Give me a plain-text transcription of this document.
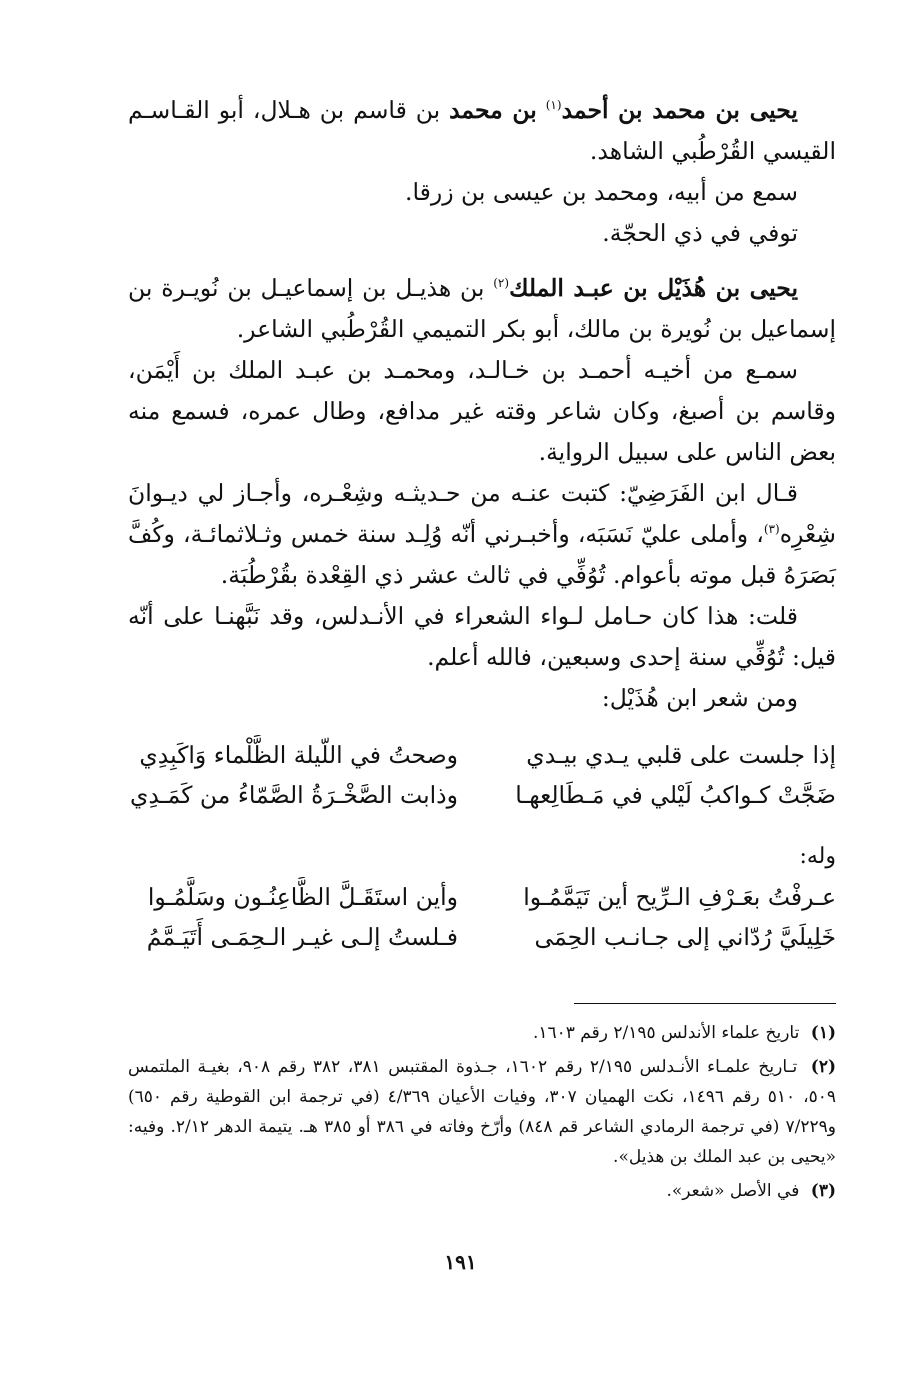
يحيى بن محمد بن أحمد$^{(١)}$ بن محمد بن قاسم بن هـلال، أبو القـاسـم القيسي القُرْطُبي الشاهد.

سمع من أبيه، ومحمد بن عيسى بن زرقا.

توفي في ذي الحجّة.

يحيى بن هُذَيْل بن عبـد الملك$^{(٢)}$ بن هذيـل بن إسماعيـل بن نُويـرة بن إسماعيل بن نُويرة بن مالك، أبو بكر التميمي القُرْطُبي الشاعر.

سمـع من أخيـه أحمـد بن خـالـد، ومحمـد بن عبـد الملك بن أَيْمَن، وقاسم بن أصبغ، وكان شاعر وقته غير مدافع، وطال عمره، فسمع منه بعض الناس على سبيل الرواية.

قـال ابن الفَرَضِيّ: كتبت عنـه من حـديثـه وشِعْـره، وأجـاز لي ديـوانَ شِعْرِه$^{(٣)}$، وأملى عليّ نَسَبَه، وأخبـرني أنّه وُلِـد سنة خمس وثـلاثمائـة، وكُفَّ بَصَرَهُ قبل موته بأعوام. تُوُفِّي في ثالث عشر ذي القِعْدة بقُرْطُبَة.

قلت: هذا كان حـامل لـواء الشعراء في الأنـدلس، وقد نَبَّهنـا على أنّه قيل: تُوُفِّي سنة إحدى وسبعين، فالله أعلم.

ومن شعر ابن هُذَيْل:

إذا جلست على قلبي يـدي بيـدي
وصحتُ في اللّيلة الظَّلْماء وَاكَبِدِي
ضَجَّتْ كـواكبُ لَيْلي في مَـطَالِعهـا
وذابت الصَّخْـرَةُ الصَّمّاءُ من كَمَـدِي
وله:
عـرفْتُ بعَـرْفِ الـرِّيح أين تَيَمَّمُـوا
وأين استَقَـلَّ الظَّاعِنُـون وسَلَّمُـوا
خَلِيلَيَّ رُدّاني إلى جـانـب الحِمَى
فـلستُ إلـى غيـر الـحِمَـى أَتَيَـمَّمُ

(١) تاريخ علماء الأندلس ٢/١٩٥ رقم ١٦٠٣.

(٢) تـاريخ علمـاء الأنـدلس ٢/١٩٥ رقم ١٦٠٢، جـذوة المقتبس ٣٨١، ٣٨٢ رقم ٩٠٨، بغيـة الملتمس ٥٠٩، ٥١٠ رقم ١٤٩٦، نكت الهميان ٣٠٧، وفيات الأعيان ٤/٣٦٩ (في ترجمة ابن القوطية رقم ٦٥٠) و٧/٢٢٩ (في ترجمة الرمادي الشاعر قم ٨٤٨) وأرّخ وفاته في ٣٨٦ أو ٣٨٥ هـ. يتيمة الدهر ٢/١٢. وفيه: «يحيى بن عبد الملك بن هذيل».

(٣) في الأصل «شعر».

١٩١
